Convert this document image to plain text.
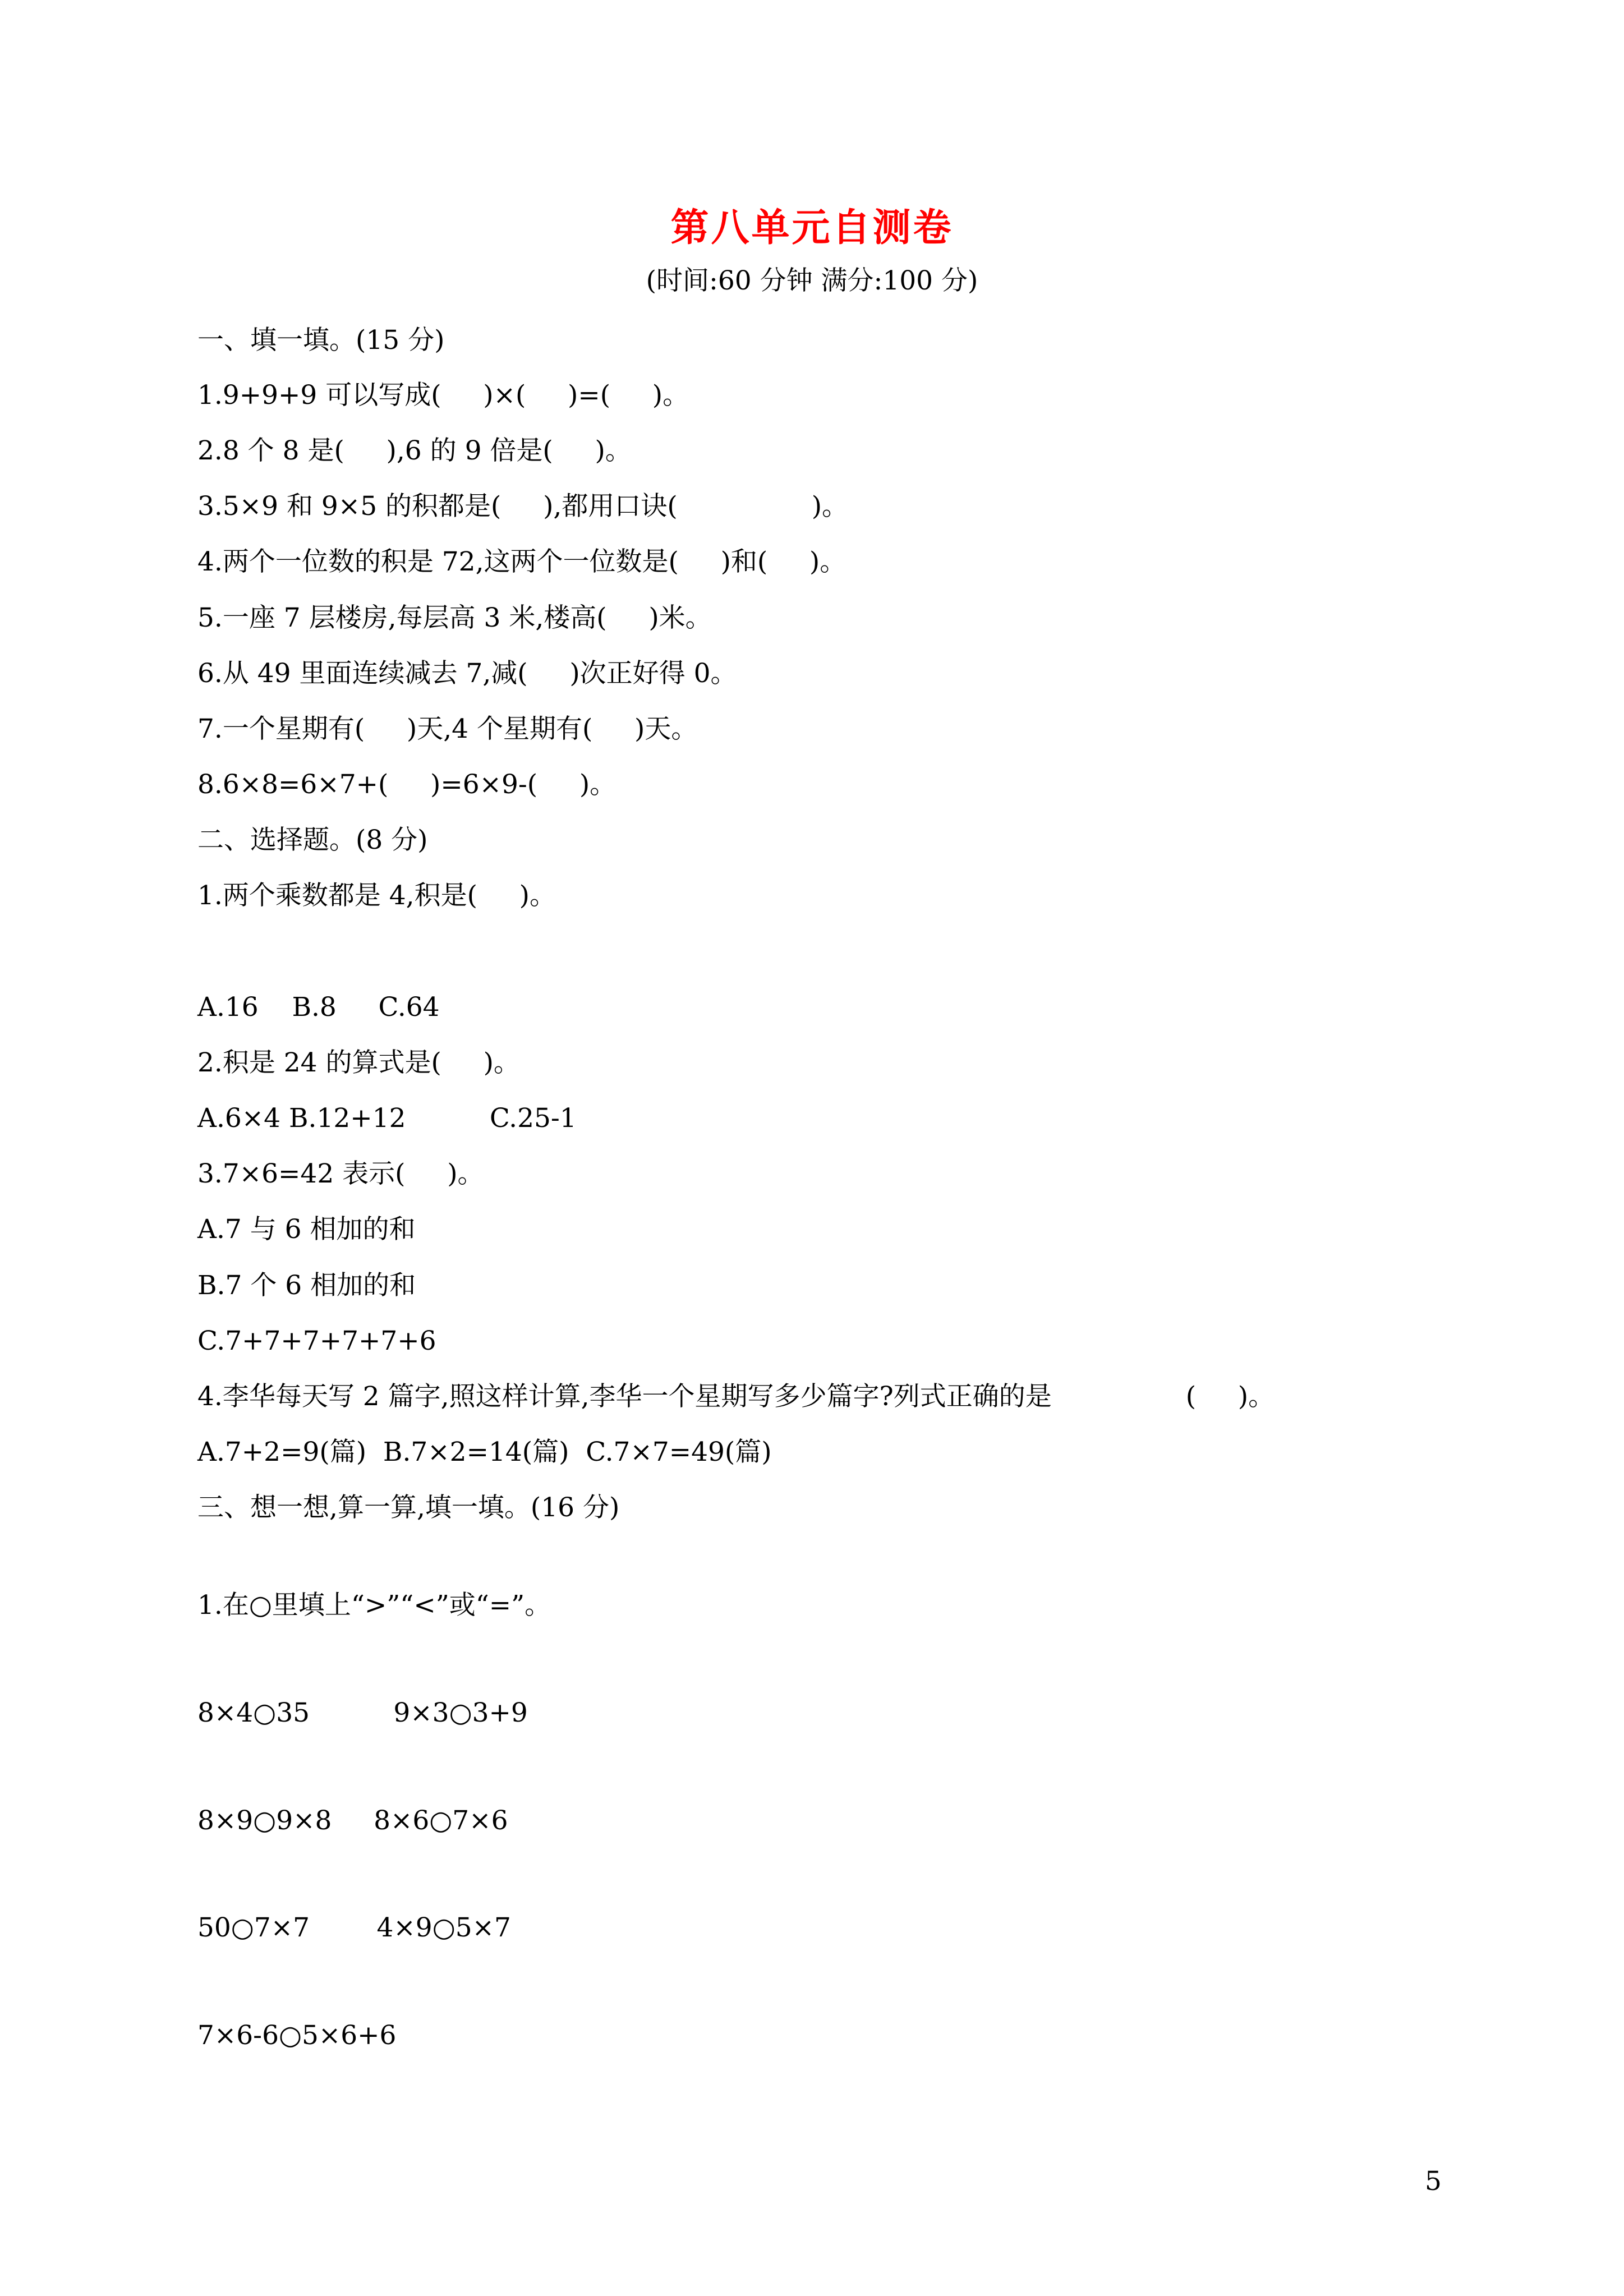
第八单元自测卷
(时间:60 分钟 满分:100 分)
一、填一填。(15 分)
1.9+9+9 可以写成(     )×(     )=(     )。
2.8 个 8 是(     ),6 的 9 倍是(     )。
3.5×9 和 9×5 的积都是(     ),都用口诀(                )。
4.两个一位数的积是 72,这两个一位数是(     )和(     )。
5.一座 7 层楼房,每层高 3 米,楼高(     )米。
6.从 49 里面连续减去 7,减(     )次正好得 0。
7.一个星期有(     )天,4 个星期有(     )天。
8.6×8=6×7+(     )=6×9-(     )。
二、选择题。(8 分)
1.两个乘数都是 4,积是(     )。
A.16    B.8     C.64
2.积是 24 的算式是(     )。
A.6×4 B.12+12          C.25-1
3.7×6=42 表示(     )。
A.7 与 6 相加的和
B.7 个 6 相加的和
C.7+7+7+7+7+6
4.李华每天写 2 篇字,照这样计算,李华一个星期写多少篇字?列式正确的是                (     )。
A.7+2=9(篇)  B.7×2=14(篇)  C.7×7=49(篇)
三、想一想,算一算,填一填。(16 分)
1.在○里填上“>”“<”或“=”。
8×4○35          9×3○3+9
8×9○9×8     8×6○7×6
50○7×7        4×9○5×7
7×6-6○5×6+6
5
